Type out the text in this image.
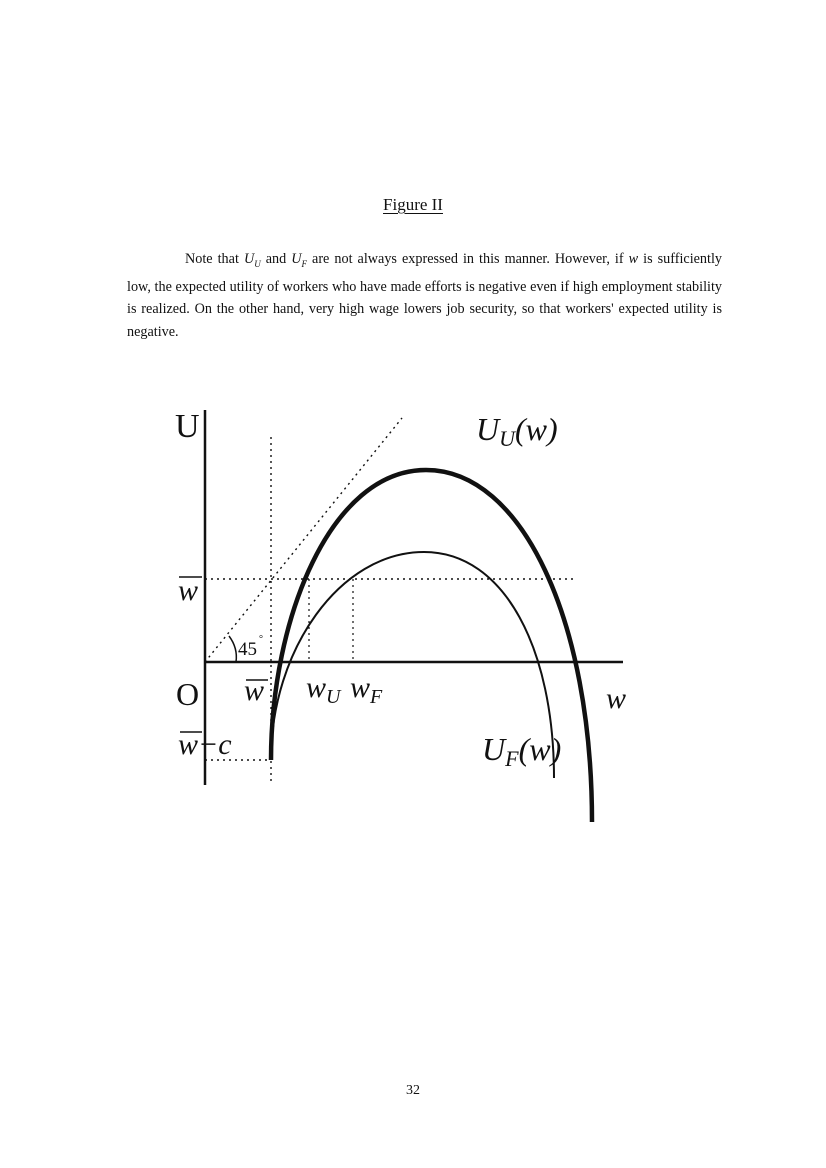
Figure II
Note that $U_U$ and $U_F$ are not always expressed in this manner. However, if w is sufficiently low, the expected utility of workers who have made efforts is negative even if high employment stability is realized. On the other hand, very high wage lowers job security, so that workers' expected utility is negative.
U	UU(w)
w
45 °
O w $w_U$ $w_F$	w
w−c	UF(w)
32
